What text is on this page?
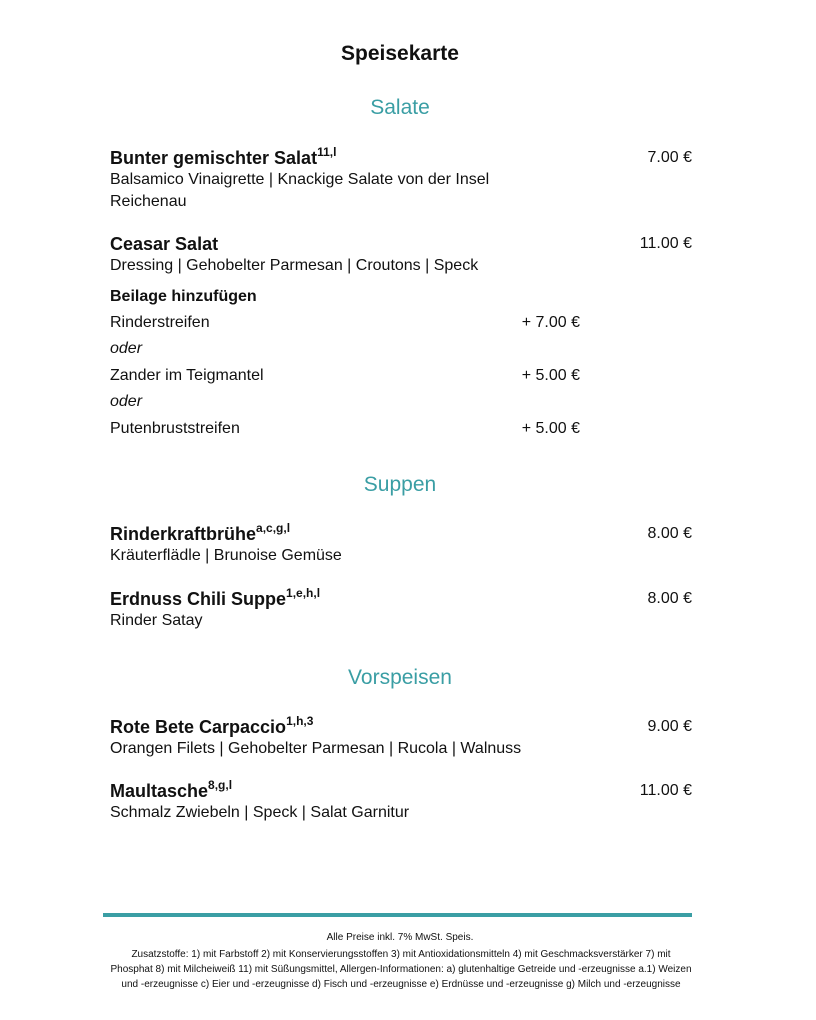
Speisekarte
Salate
Bunter gemischter Salat$^{11,l}$
Balsamico Vinaigrette | Knackige Salate von der Insel Reichenau
7.00 €
Ceasar Salat
Dressing | Gehobelter Parmesan | Croutons | Speck
11.00 €
Beilage hinzufügen
Rinderstreifen	+ 7.00 €
oder
Zander im Teigmantel	+ 5.00 €
oder
Putenbruststreifen	+ 5.00 €
Suppen
Rinderkraftbrühe$^{a,c,g,l}$
Kräuterflädle | Brunoise Gemüse
8.00 €
Erdnuss Chili Suppe$^{1,e,h,l}$
Rinder Satay
8.00 €
Vorspeisen
Rote Bete Carpaccio$^{1,h,3}$
Orangen Filets | Gehobelter Parmesan | Rucola | Walnuss
9.00 €
Maultasche$^{8,g,l}$
Schmalz Zwiebeln | Speck | Salat Garnitur
11.00 €
Alle Preise inkl. 7% MwSt. Speis.
Zusatzstoffe: 1) mit Farbstoff 2) mit Konservierungsstoffen 3) mit Antioxidationsmitteln 4) mit Geschmacksverstärker 7) mit Phosphat 8) mit Milcheiweiß 11) mit Süßungsmittel, Allergen-Informationen: a) glutenhaltige Getreide und -erzeugnisse a.1) Weizen und -erzeugnisse c) Eier und -erzeugnisse d) Fisch und -erzeugnisse e) Erdnüsse und -erzeugnisse g) Milch und -erzeugnisse
